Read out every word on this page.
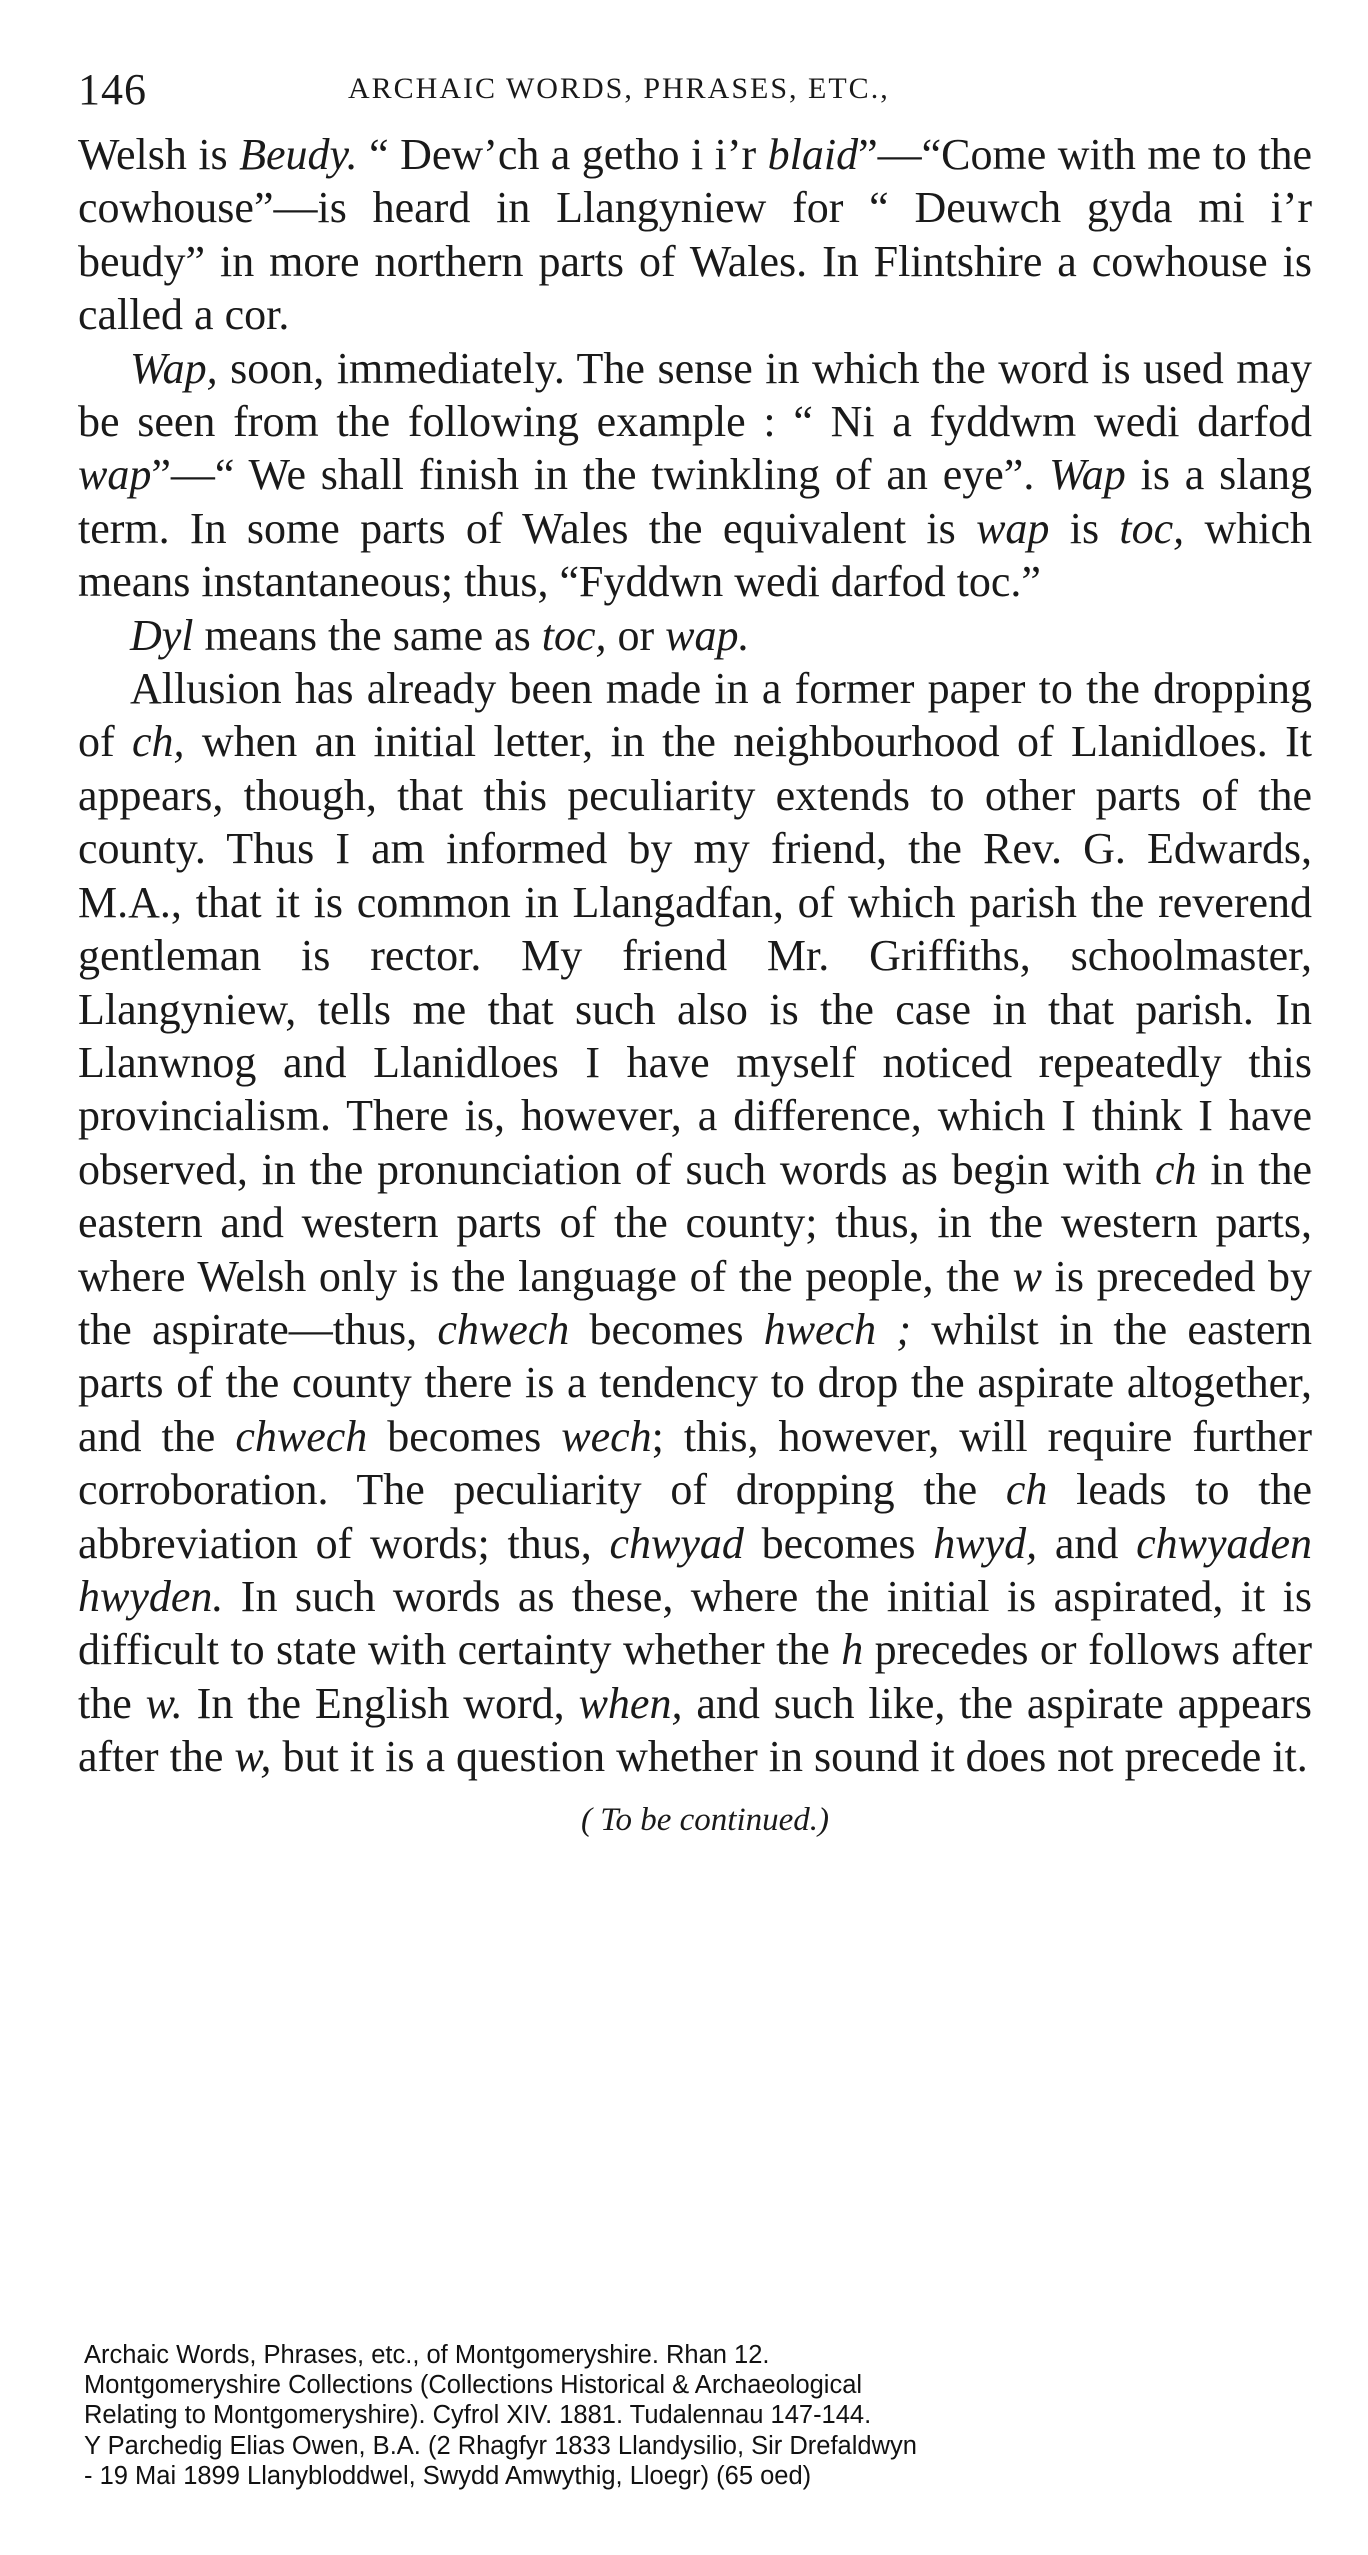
146	ARCHAIC WORDS, PHRASES, ETC.,

Welsh is Beudy. “ Dew’ch a getho i i’r blaid”—“Come with me to the cowhouse”—is heard in Llangyniew for “ Deuwch gyda mi i’r beudy” in more northern parts of Wales. In Flintshire a cowhouse is called a cor.

Wap, soon, immediately. The sense in which the word is used may be seen from the following example : “ Ni a fyddwm wedi darfod wap”—“ We shall finish in the twinkling of an eye”. Wap is a slang term. In some parts of Wales the equivalent is wap is toc, which means instantaneous; thus, “Fyddwn wedi darfod toc.”

Dyl means the same as toc, or wap.

Allusion has already been made in a former paper to the dropping of ch, when an initial letter, in the neighbourhood of Llanidloes. It appears, though, that this peculiarity extends to other parts of the county. Thus I am informed by my friend, the Rev. G. Edwards, M.A., that it is common in Llangadfan, of which parish the reverend gentleman is rector. My friend Mr. Griffiths, schoolmaster, Llangyniew, tells me that such also is the case in that parish. In Llanwnog and Llanidloes I have myself noticed repeatedly this provincialism. There is, however, a difference, which I think I have observed, in the pronunciation of such words as begin with ch in the eastern and western parts of the county; thus, in the western parts, where Welsh only is the language of the people, the w is preceded by the aspirate—thus, chwech becomes hwech ; whilst in the eastern parts of the county there is a tendency to drop the aspirate altogether, and the chwech becomes wech; this, however, will require further corroboration. The peculiarity of dropping the ch leads to the abbreviation of words; thus, chwyad becomes hwyd, and chwyaden hwyden. In such words as these, where the initial is aspirated, it is difficult to state with certainty whether the h precedes or follows after the w. In the English word, when, and such like, the aspirate appears after the w, but it is a question whether in sound it does not precede it.

( To be continued.)
Archaic Words, Phrases, etc., of Montgomeryshire. Rhan 12.
Montgomeryshire Collections (Collections Historical & Archaeological
Relating to Montgomeryshire). Cyfrol XIV. 1881. Tudalennau 147-144.
Y Parchedig Elias Owen, B.A. (2 Rhagfyr 1833 Llandysilio, Sir Drefaldwyn
- 19 Mai 1899 Llanybloddwel, Swydd Amwythig, Lloegr) (65 oed)
